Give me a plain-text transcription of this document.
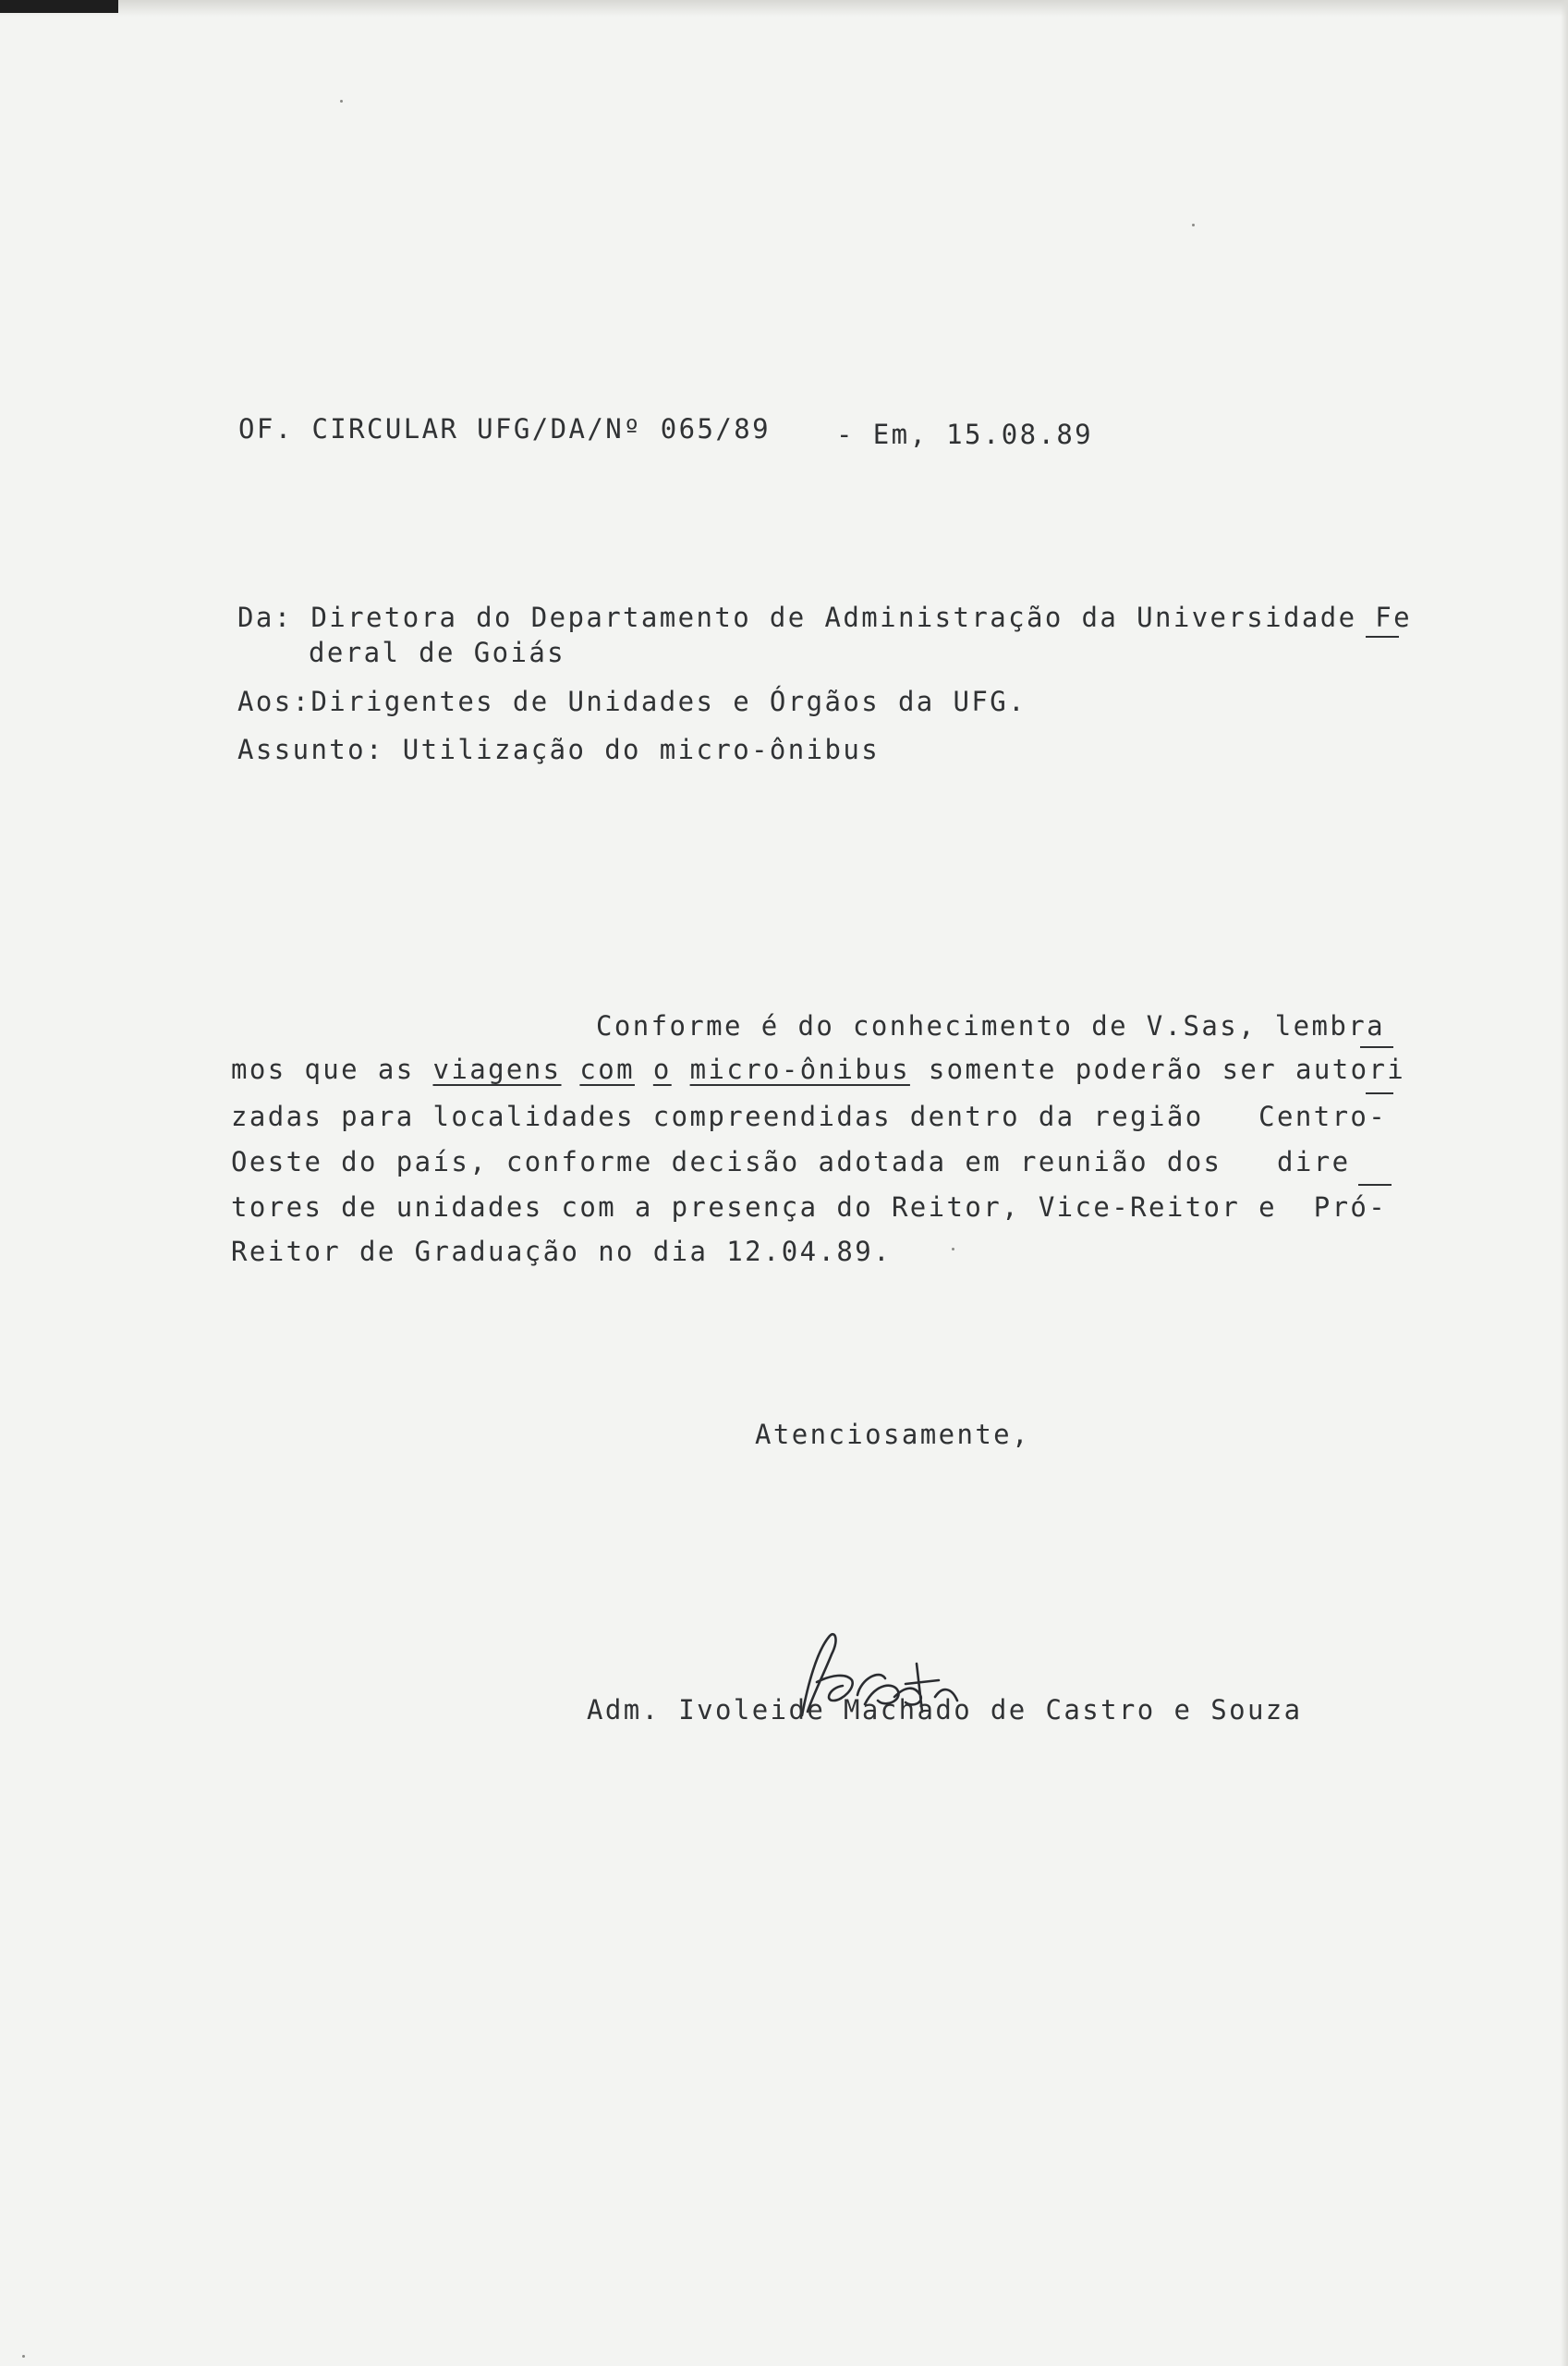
OF. CIRCULAR UFG/DA/Nº 065/89 - Em, 15.08.89
Da: Diretora do Departamento de Administração da Universidade Fe
deral de Goiás
Aos:Dirigentes de Unidades e Órgãos da UFG.
Assunto: Utilização do micro-ônibus
Conforme é do conhecimento de V.Sas, lembra
mos que as viagens com o micro-ônibus somente poderão ser autori
zadas para localidades compreendidas dentro da região   Centro-
Oeste do país, conforme decisão adotada em reunião dos   dire
tores de unidades com a presença do Reitor, Vice-Reitor e  Pró-
Reitor de Graduação no dia 12.04.89.
Atenciosamente,
Adm. Ivoleide Machado de Castro e Souza
